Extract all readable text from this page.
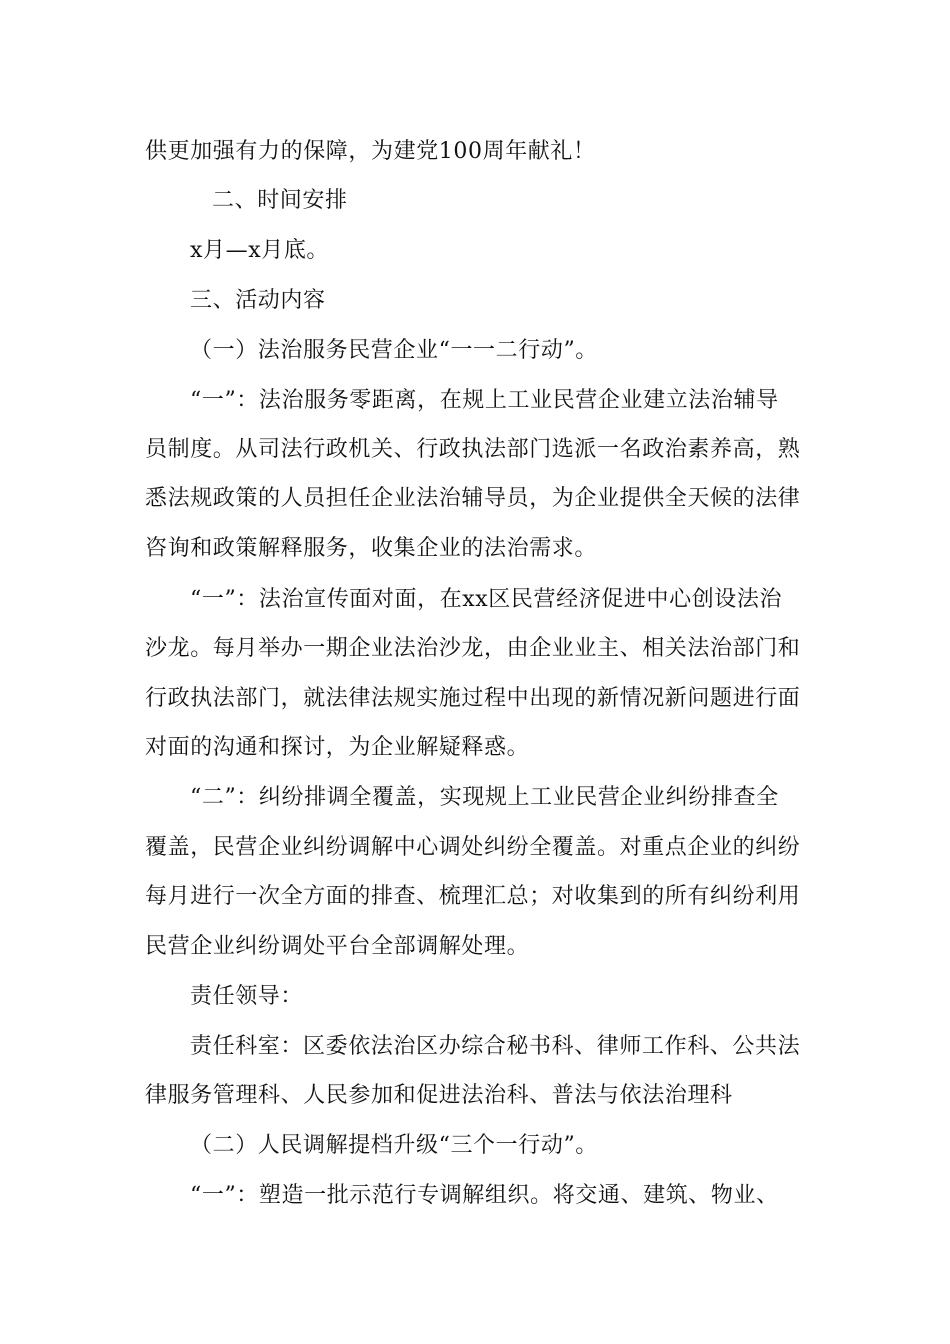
供更加强有力的保障，为建党100周年献礼！
二、时间安排
x月—x月底。
三、活动内容
（一）法治服务民营企业“一一二行动”。
“一”：法治服务零距离，在规上工业民营企业建立法治辅导
员制度。从司法行政机关、行政执法部门选派一名政治素养高，熟
悉法规政策的人员担任企业法治辅导员，为企业提供全天候的法律
咨询和政策解释服务，收集企业的法治需求。
“一”：法治宣传面对面，在xx区民营经济促进中心创设法治
沙龙。每月举办一期企业法治沙龙，由企业业主、相关法治部门和
行政执法部门，就法律法规实施过程中出现的新情况新问题进行面
对面的沟通和探讨，为企业解疑释惑。
“二”：纠纷排调全覆盖，实现规上工业民营企业纠纷排查全
覆盖，民营企业纠纷调解中心调处纠纷全覆盖。对重点企业的纠纷
每月进行一次全方面的排查、梳理汇总；对收集到的所有纠纷利用
民营企业纠纷调处平台全部调解处理。
责任领导：
责任科室：区委依法治区办综合秘书科、律师工作科、公共法
律服务管理科、人民参加和促进法治科、普法与依法治理科
（二）人民调解提档升级“三个一行动”。
“一”：塑造一批示范行专调解组织。将交通、建筑、物业、
